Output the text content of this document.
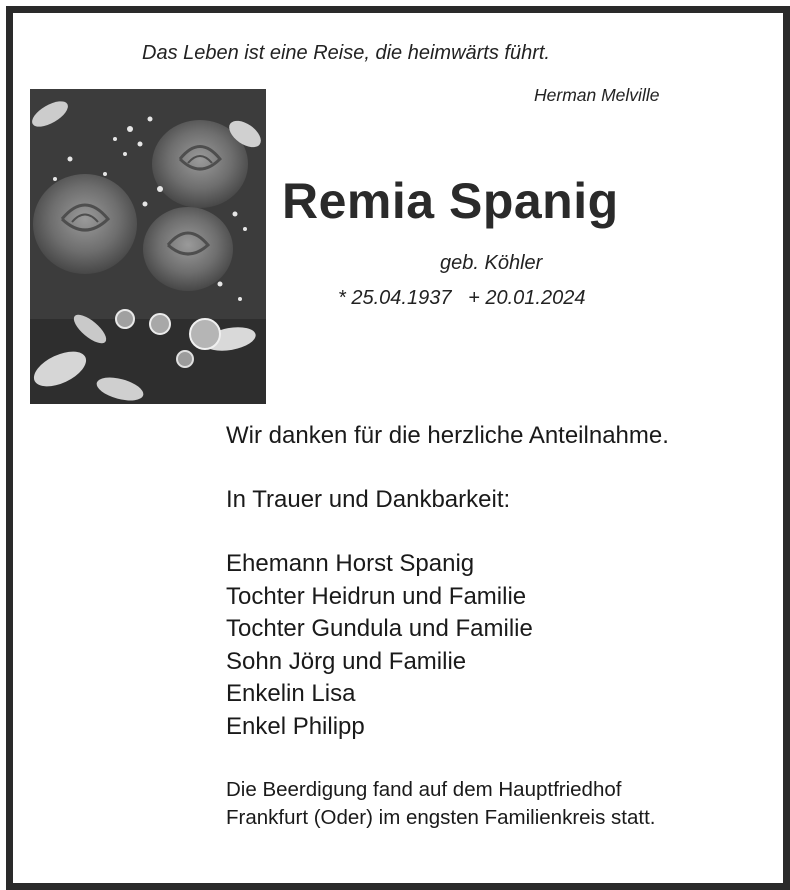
Das Leben ist eine Reise, die heimwärts führt.
Herman Melville
Remia Spanig
geb. Köhler
* 25.04.1937   + 20.01.2024
Wir danken für die herzliche Anteilnahme.
In Trauer und Dankbarkeit:
Ehemann Horst Spanig
Tochter Heidrun und Familie
Tochter Gundula und Familie
Sohn Jörg und Familie
Enkelin Lisa
Enkel Philipp
Die Beerdigung fand auf dem Hauptfriedhof
Frankfurt (Oder) im engsten Familienkreis statt.
